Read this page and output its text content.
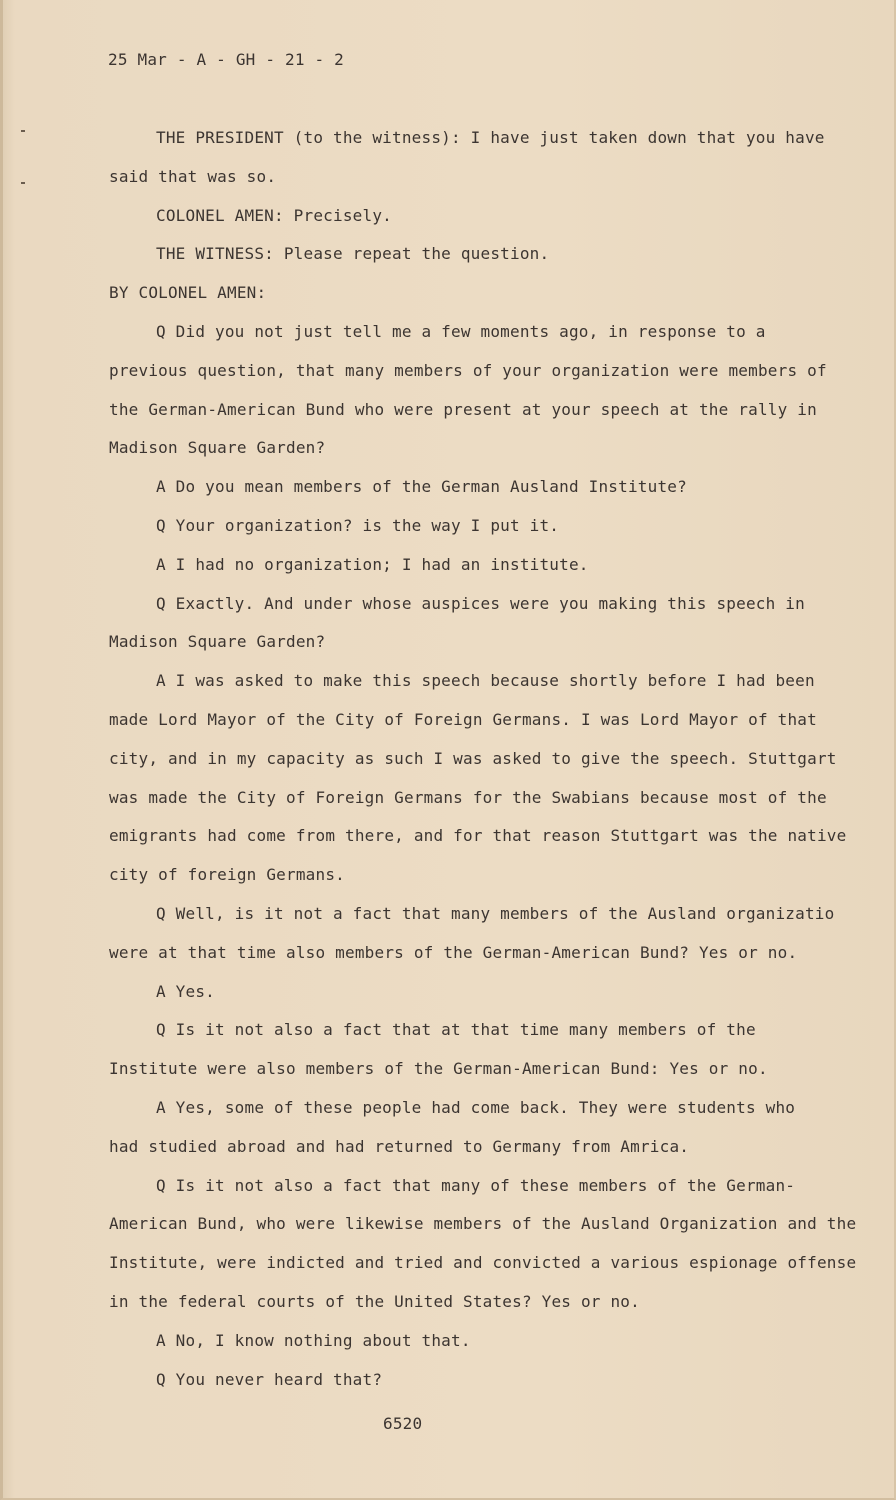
25 Mar - A - GH - 21 - 2
THE PRESIDENT (to the witness): I have just taken down that you have
said that was so.
COLONEL AMEN: Precisely.
THE WITNESS: Please repeat the question.
BY COLONEL AMEN:
Q Did you not just tell me a few moments ago, in response to a
previous question, that many members of your organization were members of
the German-American Bund who were present at your speech at the rally in
Madison Square Garden?
A Do you mean members of the German Ausland Institute?
Q Your organization? is the way I put it.
A I had no organization; I had an institute.
Q Exactly. And under whose auspices were you making this speech in
Madison Square Garden?
A I was asked to make this speech because shortly before I had been
made Lord Mayor of the City of Foreign Germans. I was Lord Mayor of that
city, and in my capacity as such I was asked to give the speech. Stuttgart
was made the City of Foreign Germans for the Swabians because most of the
emigrants had come from there, and for that reason Stuttgart was the native
city of foreign Germans.
Q Well, is it not a fact that many members of the Ausland organizatio
were at that time also members of the German-American Bund? Yes or no.
A Yes.
Q Is it not also a fact that at that time many members of the
Institute were also members of the German-American Bund: Yes or no.
A Yes, some of these people had come back. They were students who
had studied abroad and had returned to Germany from Amrica.
Q Is it not also a fact that many of these members of the German-
American Bund, who were likewise members of the Ausland Organization and the
Institute, were indicted and tried and convicted a various espionage offense
in the federal courts of the United States? Yes or no.
A No, I know nothing about that.
Q You never heard that?
6520
